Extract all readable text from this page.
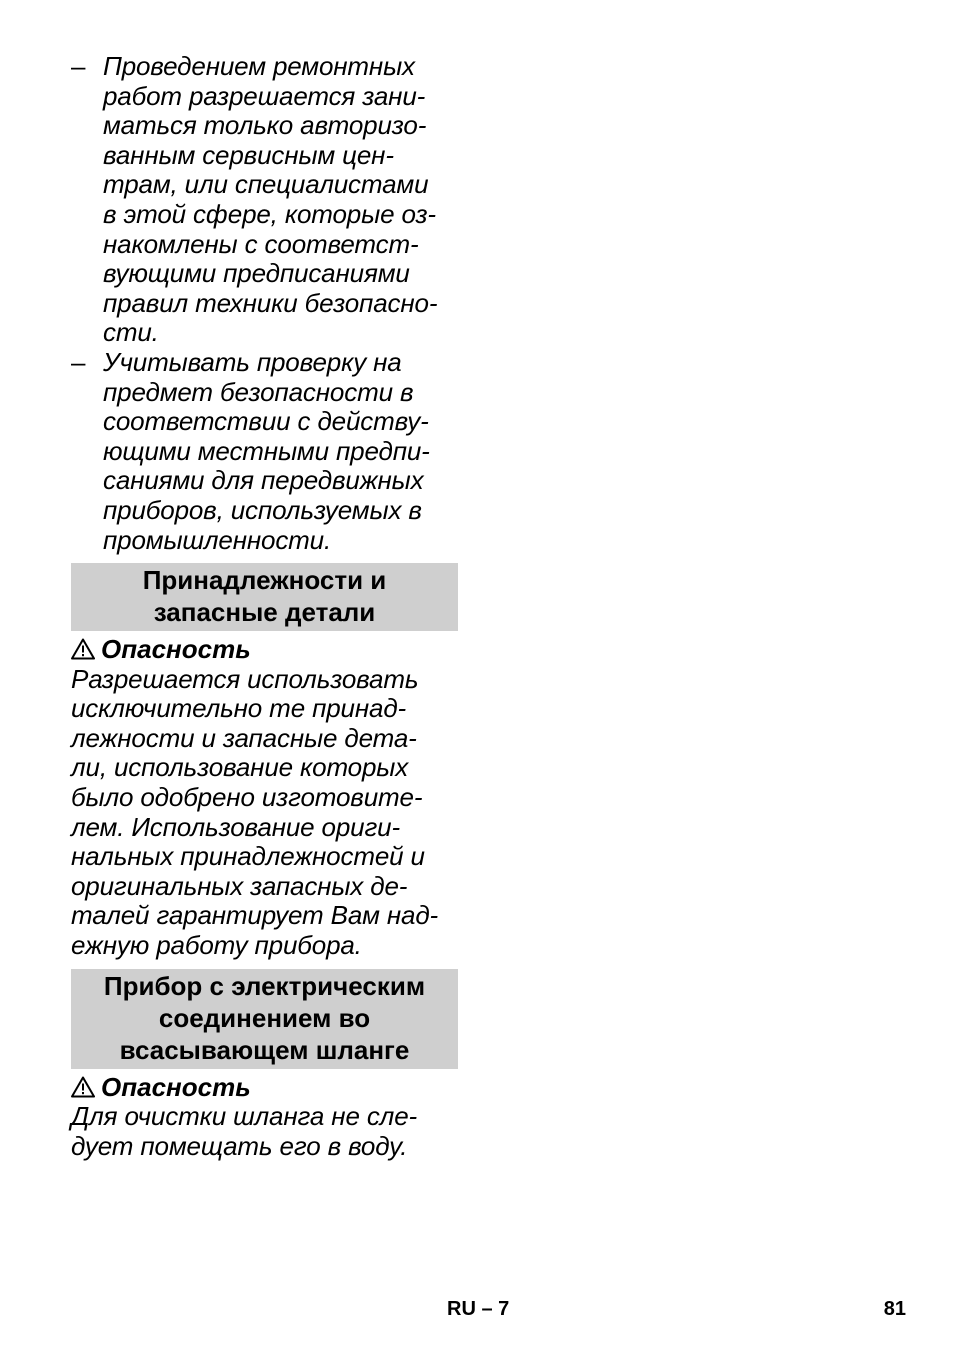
– Проведением ремонтных
работ разрешается зани-
маться только авторизо-
ванным сервисным цен-
трам, или специалистами
в этой сфере, которые оз-
накомлены с соответст-
вующими предписаниями
правил техники безопасно-
сти.
– Учитывать проверку на
предмет безопасности в
соответствии с действу-
ющими местными предпи-
саниями для передвижных
приборов, используемых в
промышленности.
Принадлежности и
запасные детали
Опасность
Разрешается использовать
исключительно те принад-
лежности и запасные дета-
ли, использование которых
было одобрено изготовите-
лем. Использование ориги-
нальных принадлежностей и
оригинальных запасных де-
талей гарантирует Вам над-
ежную работу прибора.
Прибор с электрическим
соединением во
всасывающем шланге
Опасность
Для очистки шланга не сле-
дует помещать его в воду.
RU – 7	81
